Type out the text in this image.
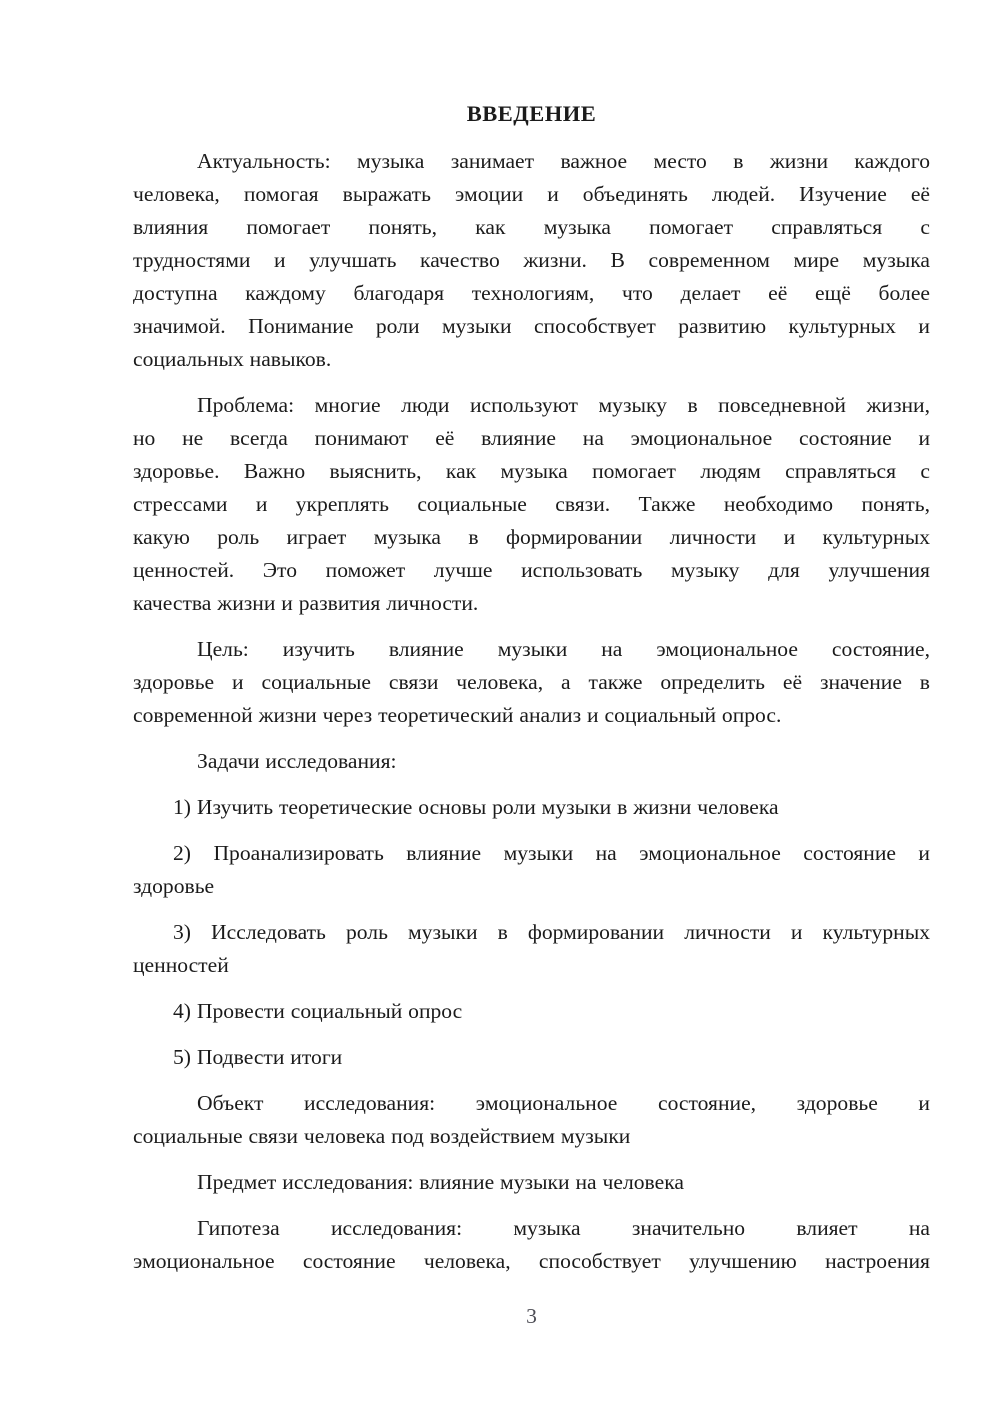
ВВЕДЕНИЕ
Актуальность: музыка занимает важное место в жизни каждого
человека, помогая выражать эмоции и объединять людей. Изучение её
влияния помогает понять, как музыка помогает справляться с
трудностями и улучшать качество жизни. В современном мире музыка
доступна каждому благодаря технологиям, что делает её ещё более
значимой. Понимание роли музыки способствует развитию культурных и
социальных навыков.
Проблема: многие люди используют музыку в повседневной жизни,
но не всегда понимают её влияние на эмоциональное состояние и
здоровье. Важно выяснить, как музыка помогает людям справляться с
стрессами и укреплять социальные связи. Также необходимо понять,
какую роль играет музыка в формировании личности и культурных
ценностей. Это поможет лучше использовать музыку для улучшения
качества жизни и развития личности.
Цель: изучить влияние музыки на эмоциональное состояние,
здоровье и социальные связи человека, а также определить её значение в
современной жизни через теоретический анализ и социальный опрос.
Задачи исследования:
1) Изучить теоретические основы роли музыки в жизни человека
2) Проанализировать влияние музыки на эмоциональное состояние и
здоровье
3) Исследовать роль музыки в формировании личности и культурных
ценностей
4) Провести социальный опрос
5) Подвести итоги
Объект исследования: эмоциональное состояние, здоровье и
социальные связи человека под воздействием музыки
Предмет исследования: влияние музыки на человека
Гипотеза исследования: музыка значительно влияет на
эмоциональное состояние человека, способствует улучшению настроения
3
